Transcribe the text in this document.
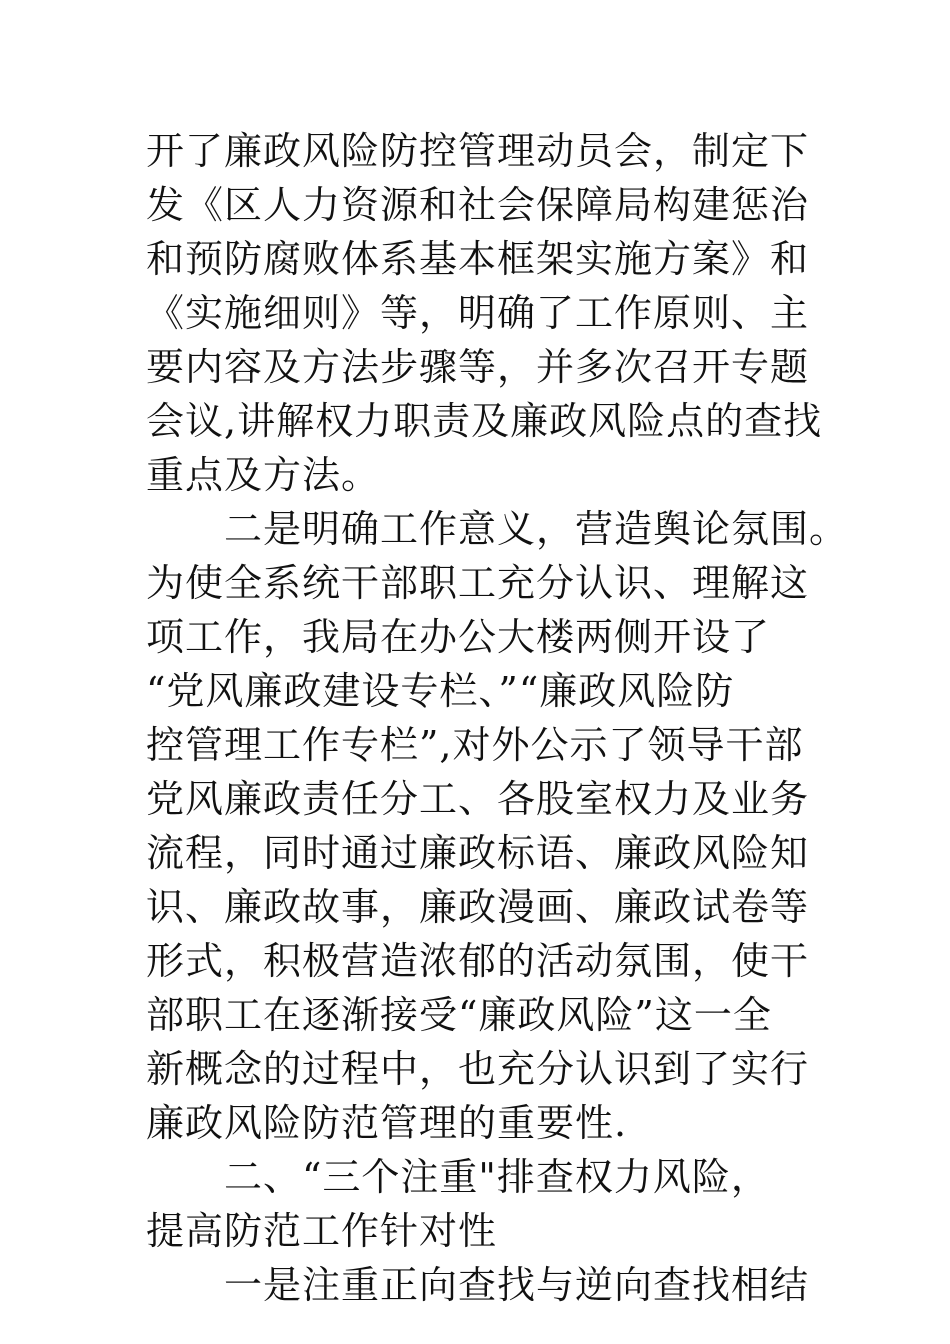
开了廉政风险防控管理动员会，制定下
发《区人力资源和社会保障局构建惩治
和预防腐败体系基本框架实施方案》和
《实施细则》等，明确了工作原则、主
要内容及方法步骤等，并多次召开专题
会议,讲解权力职责及廉政风险点的查找
重点及方法。
二是明确工作意义，营造舆论氛围。
为使全系统干部职工充分认识、理解这
项工作，我局在办公大楼两侧开设了
“党风廉政建设专栏、”“廉政风险防
控管理工作专栏”,对外公示了领导干部
党风廉政责任分工、各股室权力及业务
流程，同时通过廉政标语、廉政风险知
识、廉政故事，廉政漫画、廉政试卷等
形式，积极营造浓郁的活动氛围，使干
部职工在逐渐接受“廉政风险”这一全
新概念的过程中，也充分认识到了实行
廉政风险防范管理的重要性.
二、“三个注重"排查权力风险，
提高防范工作针对性
一是注重正向查找与逆向查找相结
